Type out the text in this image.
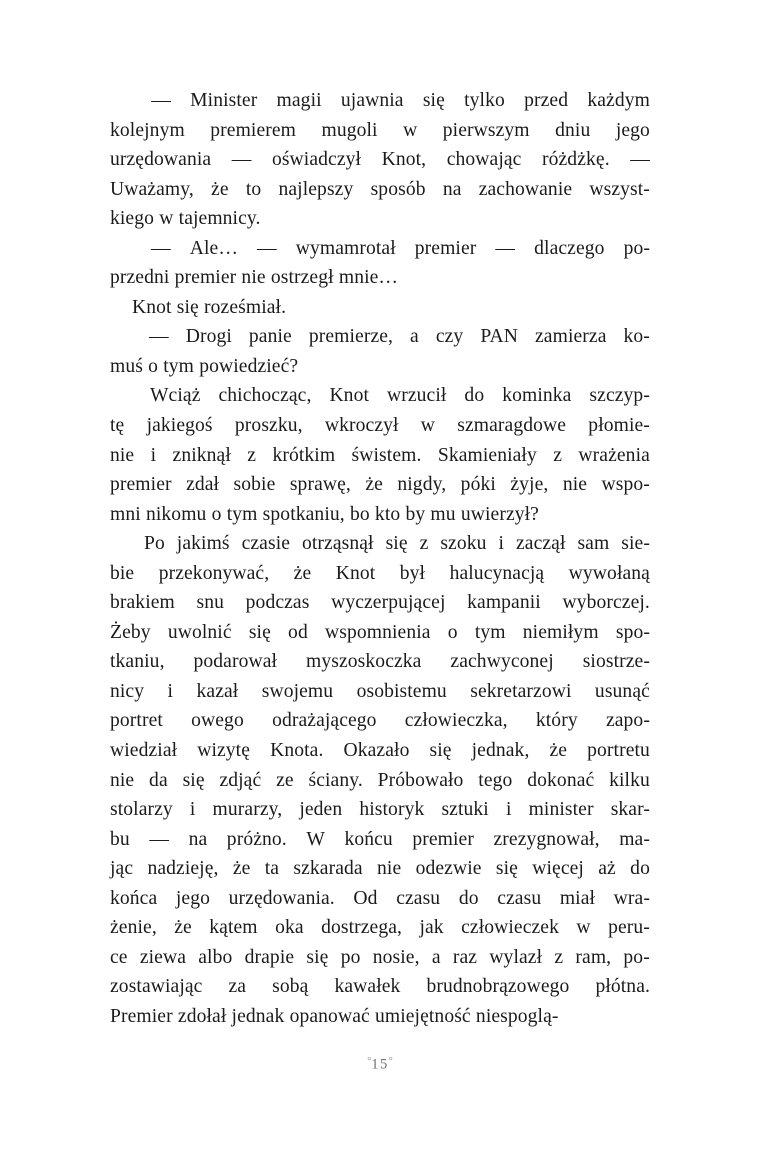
— Minister magii ujawnia się tylko przed każdym
kolejnym premierem mugoli w pierwszym dniu jego
urzędowania — oświadczył Knot, chowając różdżkę. —
Uważamy, że to najlepszy sposób na zachowanie wszyst-
kiego w tajemnicy.

— Ale… — wymamrotał premier — dlaczego po-
przedni premier nie ostrzegł mnie…

Knot się roześmiał.

— Drogi panie premierze, a czy PAN zamierza ko-
muś o tym powiedzieć?

Wciąż chichocząc, Knot wrzucił do kominka szczyp-
tę jakiegoś proszku, wkroczył w szmaragdowe płomie-
nie i zniknął z krótkim świstem. Skamieniały z wrażenia
premier zdał sobie sprawę, że nigdy, póki żyje, nie wspo-
mni nikomu o tym spotkaniu, bo kto by mu uwierzył?

Po jakimś czasie otrząsnął się z szoku i zaczął sam sie-
bie przekonywać, że Knot był halucynacją wywołaną
brakiem snu podczas wyczerpującej kampanii wyborczej.
Żeby uwolnić się od wspomnienia o tym niemiłym spo-
tkaniu, podarował myszoskoczka zachwyconej siostrze-
nicy i kazał swojemu osobistemu sekretarzowi usunąć
portret owego odrażającego człowieczka, który zapo-
wiedział wizytę Knota. Okazało się jednak, że portretu
nie da się zdjąć ze ściany. Próbowało tego dokonać kilku
stolarzy i murarzy, jeden historyk sztuki i minister skar-
bu — na próżno. W końcu premier zrezygnował, ma-
jąc nadzieję, że ta szkarada nie odezwie się więcej aż do
końca jego urzędowania. Od czasu do czasu miał wra-
żenie, że kątem oka dostrzega, jak człowieczek w peru-
ce ziewa albo drapie się po nosie, a raz wylazł z ram, po-
zostawiając za sobą kawałek brudnobrązowego płótna.
Premier zdołał jednak opanować umiejętność niespoglą-

°15°
